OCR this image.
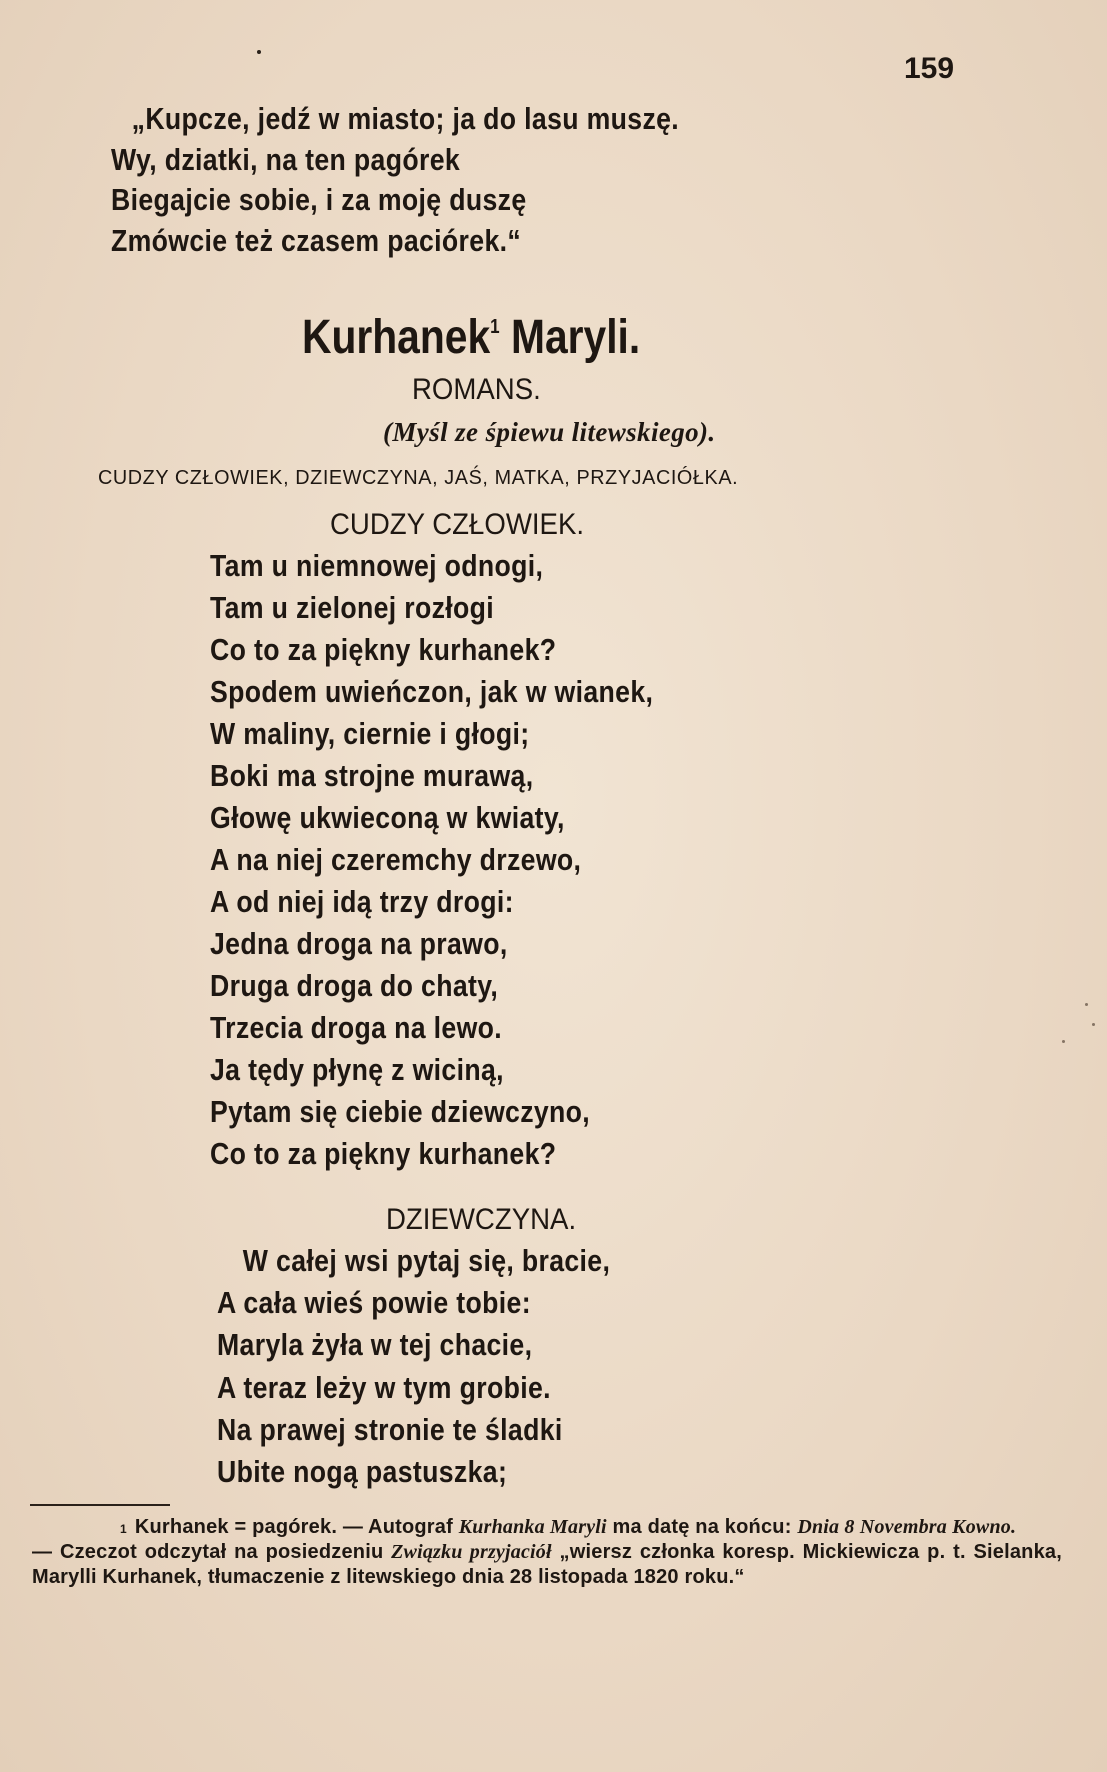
159
„Kupcze, jedź w miasto; ja do lasu muszę.
Wy, dziatki, na ten pagórek
Biegajcie sobie, i za moję duszę
Zmówcie też czasem paciórek.“
Kurhanek$^1$ Maryli.
ROMANS.
(Myśl ze śpiewu litewskiego).
CUDZY CZŁOWIEK, DZIEWCZYNA, JAŚ, MATKA, PRZYJACIÓŁKA.
CUDZY CZŁOWIEK.
Tam u niemnowej odnogi,
Tam u zielonej rozłogi
Co to za piękny kurhanek?
Spodem uwieńczon, jak w wianek,
W maliny, ciernie i głogi;
Boki ma strojne murawą,
Głowę ukwieconą w kwiaty,
A na niej czeremchy drzewo,
A od niej idą trzy drogi:
Jedna droga na prawo,
Druga droga do chaty,
Trzecia droga na lewo.
Ja tędy płynę z wiciną,
Pytam się ciebie dziewczyno,
Co to za piękny kurhanek?
DZIEWCZYNA.
W całej wsi pytaj się, bracie,
A cała wieś powie tobie:
Maryla żyła w tej chacie,
A teraz leży w tym grobie.
Na prawej stronie te śladki
Ubite nogą pastuszka;

$^1$ Kurhanek = pagórek. — Autograf Kurhanka Maryli ma datę na końcu: Dnia 8 Novembra Kowno.
— Czeczot odczytał na posiedzeniu Związku przyjaciół „wiersz członka koresp. Mickiewicza p. t. Sielanka, Marylli Kurhanek, tłumaczenie z litewskiego dnia 28 listopada 1820 roku.“
